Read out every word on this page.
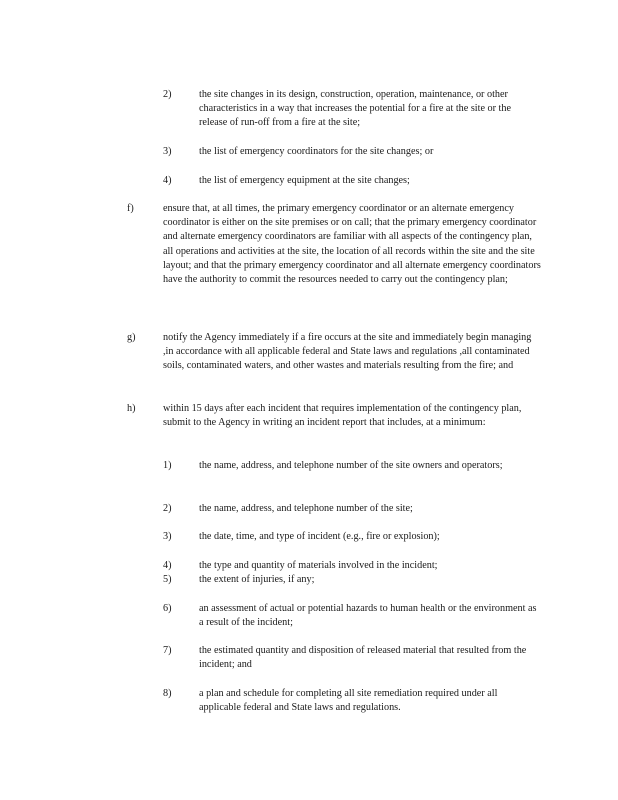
2)	the site changes in its design, construction, operation, maintenance, or other characteristics in a way that increases the potential for a fire at the site or the release of run-off from a fire at the site;
3)	the list of emergency coordinators for the site changes; or
4)	the list of emergency equipment at the site changes;
f)	ensure that, at all times, the primary emergency coordinator or an alternate emergency coordinator is either on the site premises or on call; that the primary emergency coordinator and alternate emergency coordinators are familiar with all aspects of the contingency plan, all operations and activities at the site, the location of all records within the site and the site layout; and that the primary emergency coordinator and all alternate emergency coordinators have the authority to commit the resources needed to carry out the contingency plan;
g)	notify the Agency immediately if a fire occurs at the site and immediately begin managing ,in accordance with all applicable federal and State laws and regulations ,all contaminated soils, contaminated waters, and other wastes and materials resulting from the fire; and
h)	within 15 days after each incident that requires implementation of the contingency plan, submit to the Agency in writing an incident report that includes, at a minimum:
1)	the name, address, and telephone number of the site owners and operators;
2)	the name, address, and telephone number of the site;
3)	the date, time, and type of incident (e.g., fire or explosion);
4)	the type and quantity of materials involved in the incident;
5)	the extent of injuries, if any;
6)	an assessment of actual or potential hazards to human health or the environment as a result of the incident;
7)	the estimated quantity and disposition of released material that resulted from the incident; and
8)	a plan and schedule for completing all site remediation required under all applicable federal and State laws and regulations.
